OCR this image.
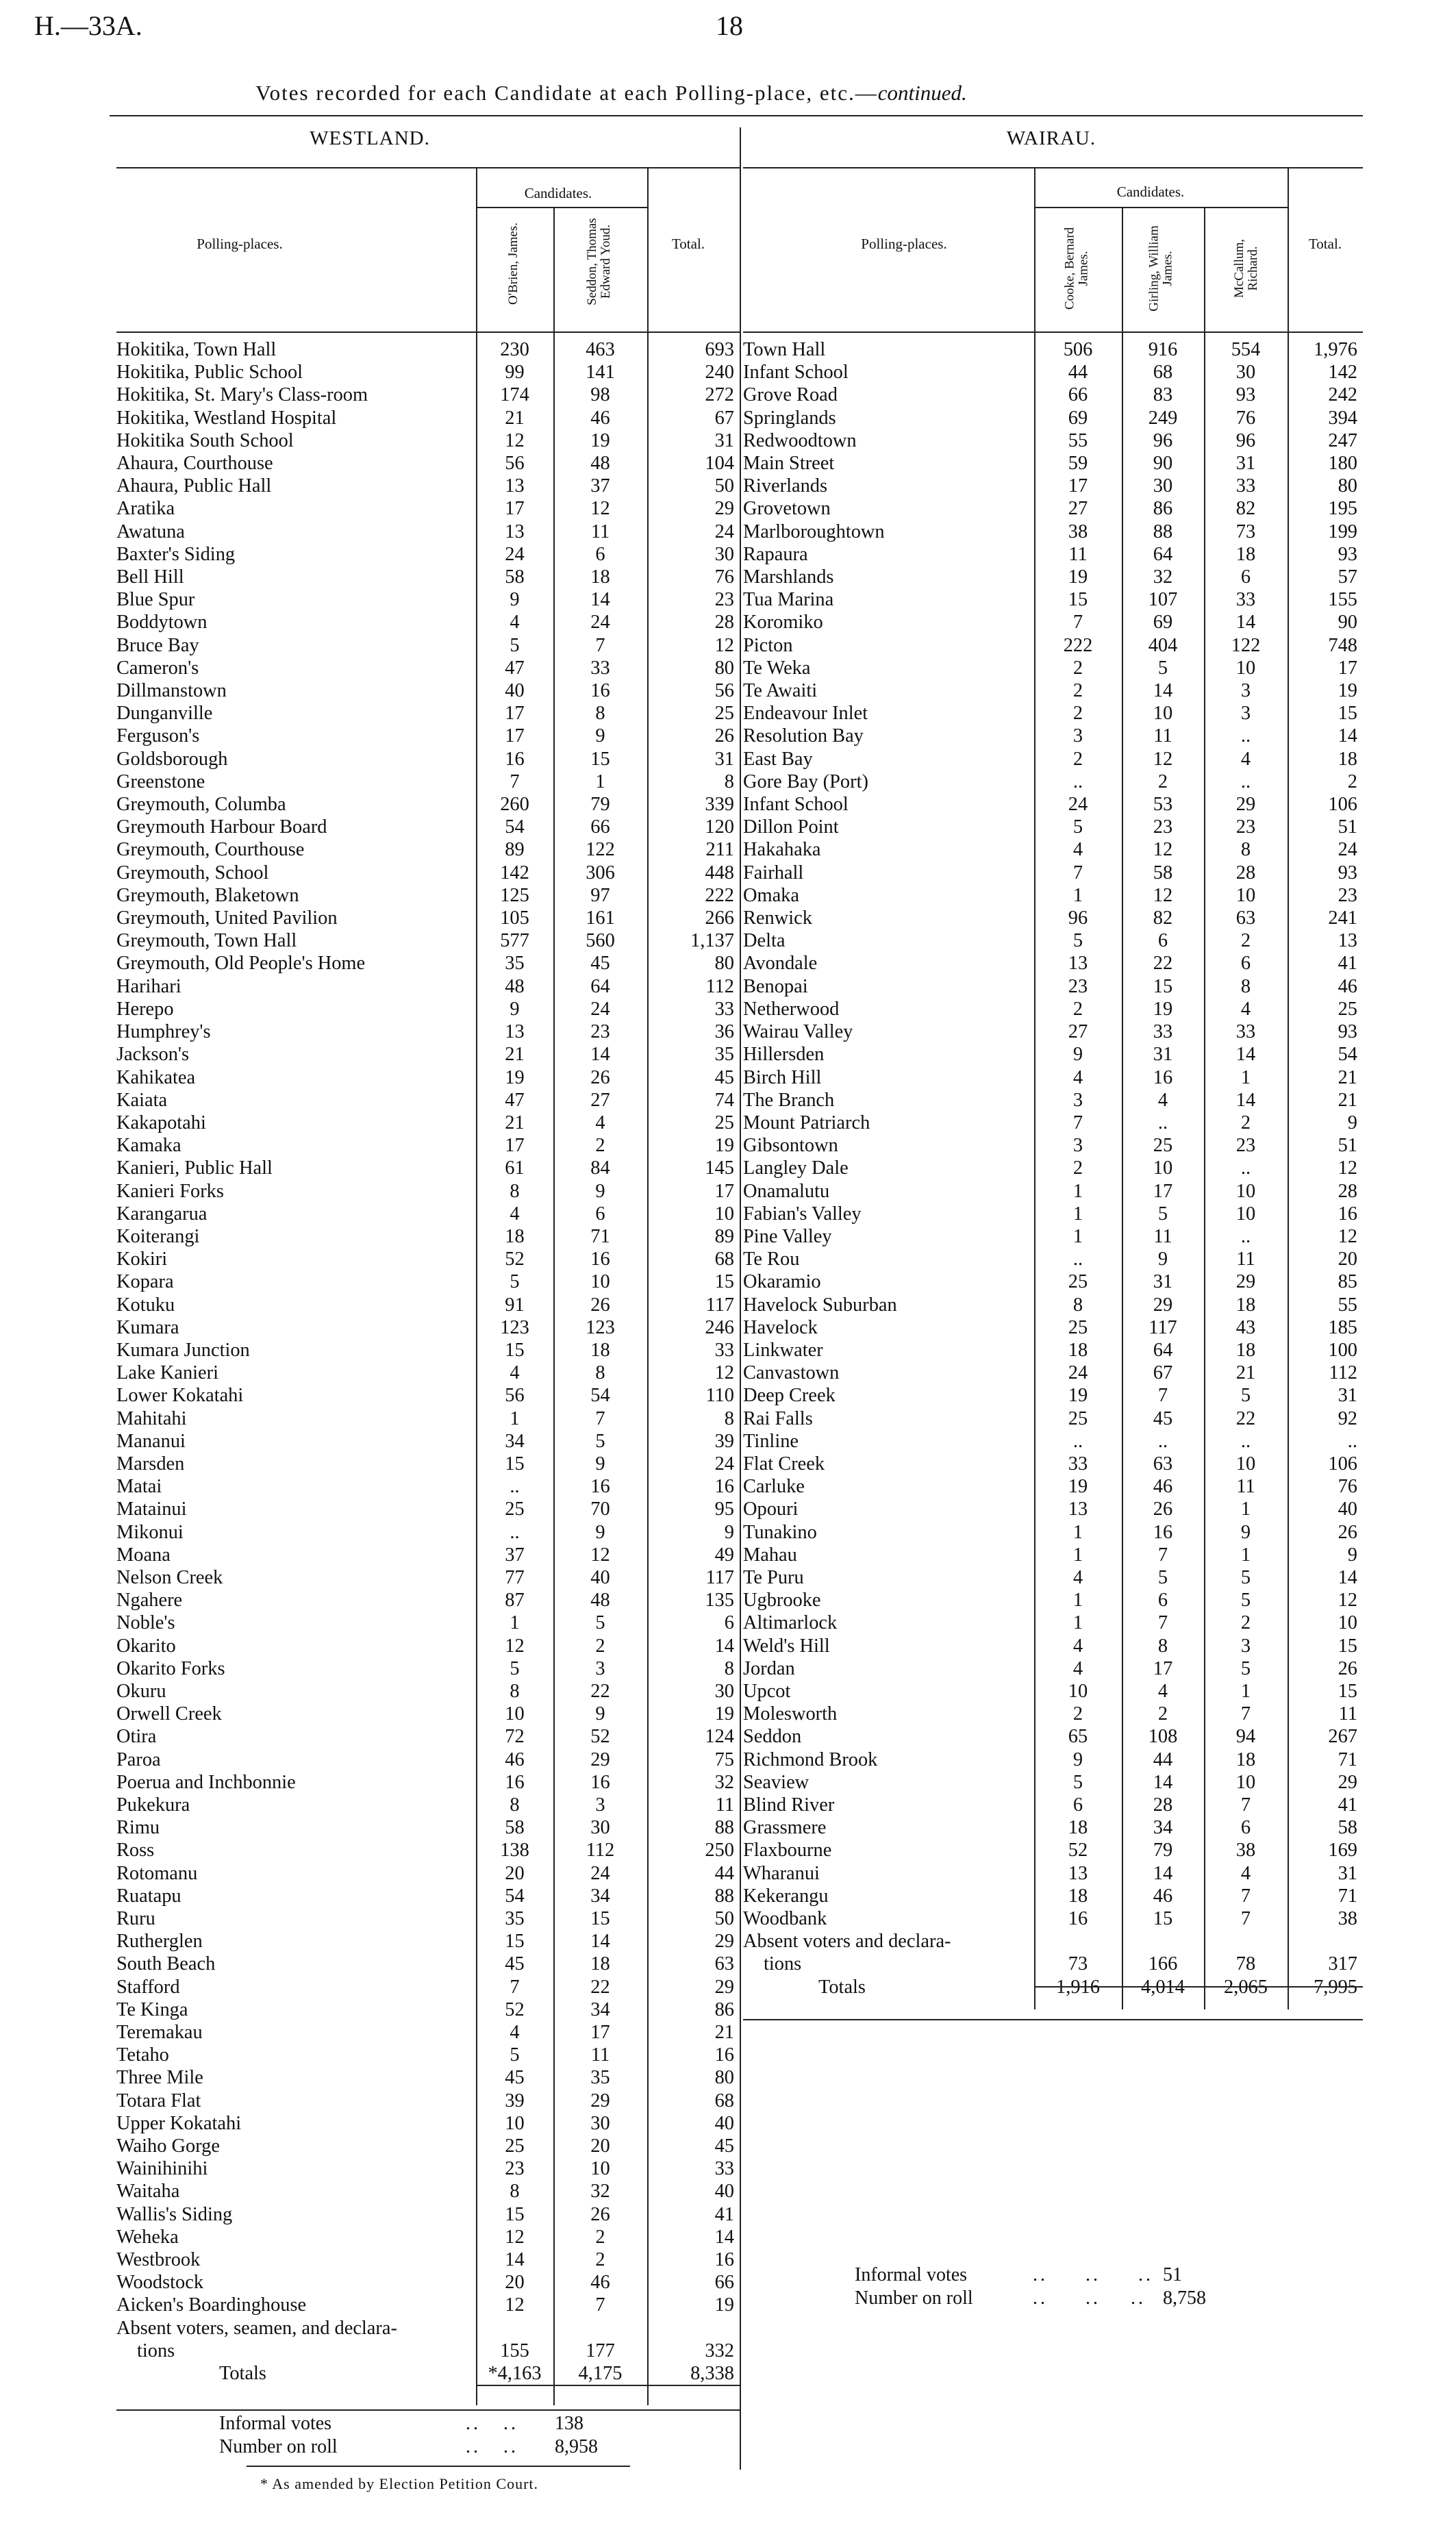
H.—33A.	18
Votes recorded for each Candidate at each Polling-place, etc.—continued.
WESTLAND.	WAIRAU.
Polling-places.
Candidates.
Total.
O'Brien, James.	Seddon, Thomas Edward Youd.	Polling-places.
Candidates.
Total.
Cooke, Bernard James.	Girling, William James.	McCallum, Richard.
Hokitika, Town Hall	230	463	693
Hokitika, Public School	99	141	240
Hokitika, St. Mary's Class-room	174	98	272
Hokitika, Westland Hospital	21	46	67
Hokitika South School	12	19	31
Ahaura, Courthouse	56	48	104
Ahaura, Public Hall	13	37	50
Aratika	17	12	29
Awatuna	13	11	24
Baxter's Siding	24	6	30
Bell Hill	58	18	76
Blue Spur	9	14	23
Boddytown	4	24	28
Bruce Bay	5	7	12
Cameron's	47	33	80
Dillmanstown	40	16	56
Dunganville	17	8	25
Ferguson's	17	9	26
Goldsborough	16	15	31
Greenstone	7	1	8
Greymouth, Columba	260	79	339
Greymouth Harbour Board	54	66	120
Greymouth, Courthouse	89	122	211
Greymouth, School	142	306	448
Greymouth, Blaketown	125	97	222
Greymouth, United Pavilion	105	161	266
Greymouth, Town Hall	577	560	1,137
Greymouth, Old People's Home	35	45	80
Harihari	48	64	112
Herepo	9	24	33
Humphrey's	13	23	36
Jackson's	21	14	35
Kahikatea	19	26	45
Kaiata	47	27	74
Kakapotahi	21	4	25
Kamaka	17	2	19
Kanieri, Public Hall	61	84	145
Kanieri Forks	8	9	17
Karangarua	4	6	10
Koiterangi	18	71	89
Kokiri	52	16	68
Kopara	5	10	15
Kotuku	91	26	117
Kumara	123	123	246
Kumara Junction	15	18	33
Lake Kanieri	4	8	12
Lower Kokatahi	56	54	110
Mahitahi	1	7	8
Mananui	34	5	39
Marsden	15	9	24
Matai	..	16	16
Matainui	25	70	95
Mikonui	..	9	9
Moana	37	12	49
Nelson Creek	77	40	117
Ngahere	87	48	135
Noble's	1	5	6
Okarito	12	2	14
Okarito Forks	5	3	8
Okuru	8	22	30
Orwell Creek	10	9	19
Otira	72	52	124
Paroa	46	29	75
Poerua and Inchbonnie	16	16	32
Pukekura	8	3	11
Rimu	58	30	88
Ross	138	112	250
Rotomanu	20	24	44
Ruatapu	54	34	88
Ruru	35	15	50
Rutherglen	15	14	29
South Beach	45	18	63
Stafford	7	22	29
Te Kinga	52	34	86
Teremakau	4	17	21
Tetaho	5	11	16
Three Mile	45	35	80
Totara Flat	39	29	68
Upper Kokatahi	10	30	40
Waiho Gorge	25	20	45
Wainihinihi	23	10	33
Waitaha	8	32	40
Wallis's Siding	15	26	41
Weheka	12	2	14
Westbrook	14	2	16
Woodstock	20	46	66
Aicken's Boardinghouse	12	7	19
Absent voters, seamen, and declara-			
tions	155	177	332
Totals	*4,163	4,175	8,338
Informal votes	..   .. 138
Number on roll	..   .. 8,958
* As amended by Election Petition Court.
Town Hall	506	916	554	1,976
Infant School	44	68	30	142
Grove Road	66	83	93	242
Springlands	69	249	76	394
Redwoodtown	55	96	96	247
Main Street	59	90	31	180
Riverlands	17	30	33	80
Grovetown	27	86	82	195
Marlboroughtown	38	88	73	199
Rapaura	11	64	18	93
Marshlands	19	32	6	57
Tua Marina	15	107	33	155
Koromiko	7	69	14	90
Picton	222	404	122	748
Te Weka	2	5	10	17
Te Awaiti	2	14	3	19
Endeavour Inlet	2	10	3	15
Resolution Bay	3	11	..	14
East Bay	2	12	4	18
Gore Bay (Port)	..	2	..	2
Infant School	24	53	29	106
Dillon Point	5	23	23	51
Hakahaka	4	12	8	24
Fairhall	7	58	28	93
Omaka	1	12	10	23
Renwick	96	82	63	241
Delta	5	6	2	13
Avondale	13	22	6	41
Benopai	23	15	8	46
Netherwood	2	19	4	25
Wairau Valley	27	33	33	93
Hillersden	9	31	14	54
Birch Hill	4	16	1	21
The Branch	3	4	14	21
Mount Patriarch	7	..	2	9
Gibsontown	3	25	23	51
Langley Dale	2	10	..	12
Onamalutu	1	17	10	28
Fabian's Valley	1	5	10	16
Pine Valley	1	11	..	12
Te Rou	..	9	11	20
Okaramio	25	31	29	85
Havelock Suburban	8	29	18	55
Havelock	25	117	43	185
Linkwater	18	64	18	100
Canvastown	24	67	21	112
Deep Creek	19	7	5	31
Rai Falls	25	45	22	92
Tinline	..	..	..	..
Flat Creek	33	63	10	106
Carluke	19	46	11	76
Opouri	13	26	1	40
Tunakino	1	16	9	26
Mahau	1	7	1	9
Te Puru	4	5	5	14
Ugbrooke	1	6	5	12
Altimarlock	1	7	2	10
Weld's Hill	4	8	3	15
Jordan	4	17	5	26
Upcot	10	4	1	15
Molesworth	2	2	7	11
Seddon	65	108	94	267
Richmond Brook	9	44	18	71
Seaview	5	14	10	29
Blind River	6	28	7	41
Grassmere	18	34	6	58
Flaxbourne	52	79	38	169
Wharanui	13	14	4	31
Kekerangu	18	46	7	71
Woodbank	16	15	7	38
Absent voters and declara-				
tions	73	166	78	317
Totals	1,916	4,014	2,065	7,995
Informal votes	..     ..     .. 51
Number on roll	..     ..    .. 8,758
